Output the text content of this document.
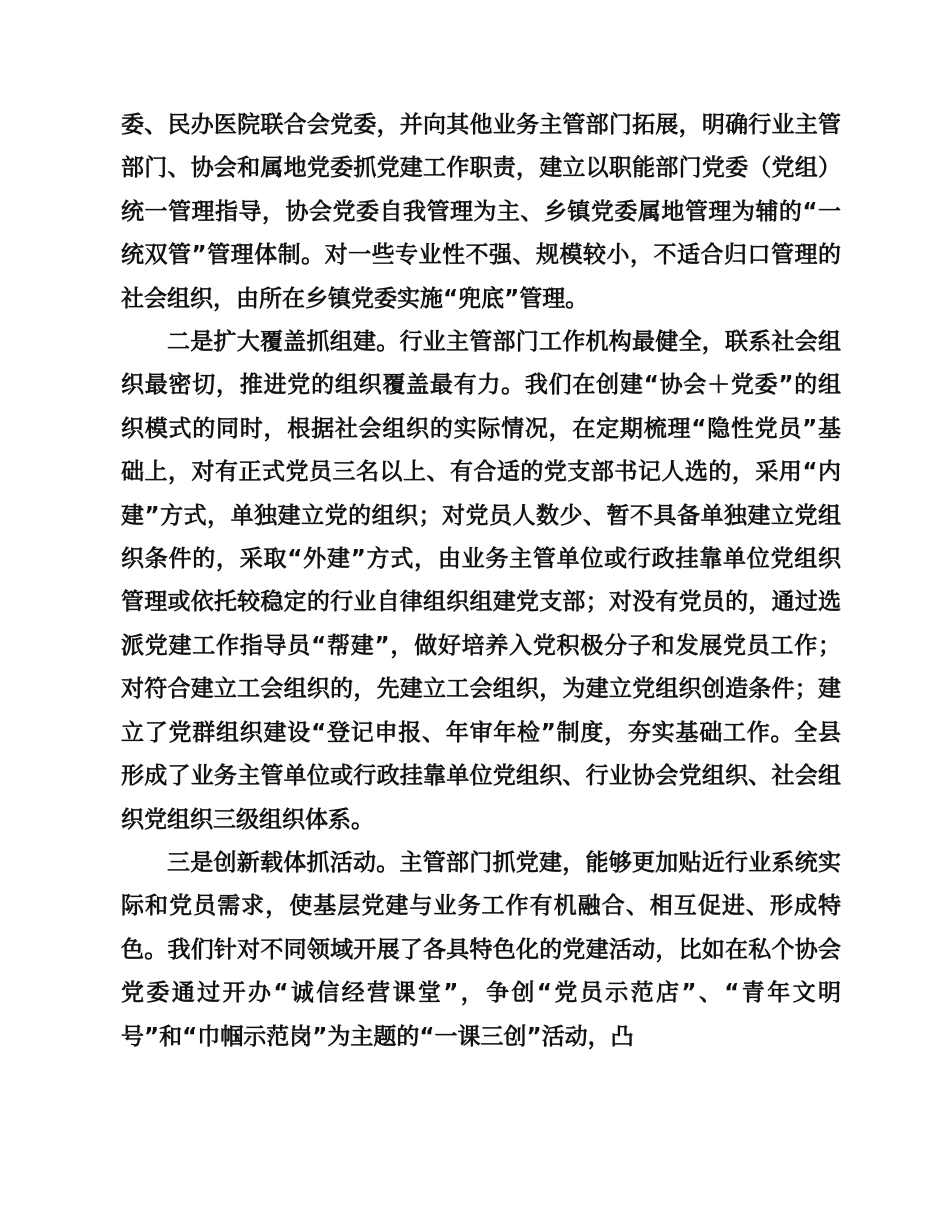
委、民办医院联合会党委，并向其他业务主管部门拓展，明确行业主管部门、协会和属地党委抓党建工作职责，建立以职能部门党委（党组）统一管理指导，协会党委自我管理为主、乡镇党委属地管理为辅的“一统双管”管理体制。对一些专业性不强、规模较小，不适合归口管理的社会组织，由所在乡镇党委实施“兜底”管理。

二是扩大覆盖抓组建。行业主管部门工作机构最健全，联系社会组织最密切，推进党的组织覆盖最有力。我们在创建“协会＋党委”的组织模式的同时，根据社会组织的实际情况，在定期梳理“隐性党员”基础上，对有正式党员三名以上、有合适的党支部书记人选的，采用“内建”方式，单独建立党的组织；对党员人数少、暂不具备单独建立党组织条件的，采取“外建”方式，由业务主管单位或行政挂靠单位党组织管理或依托较稳定的行业自律组织组建党支部；对没有党员的，通过选派党建工作指导员“帮建”，做好培养入党积极分子和发展党员工作；对符合建立工会组织的，先建立工会组织，为建立党组织创造条件；建立了党群组织建设“登记申报、年审年检”制度，夯实基础工作。全县形成了业务主管单位或行政挂靠单位党组织、行业协会党组织、社会组织党组织三级组织体系。

三是创新载体抓活动。主管部门抓党建，能够更加贴近行业系统实际和党员需求，使基层党建与业务工作有机融合、相互促进、形成特色。我们针对不同领域开展了各具特色化的党建活动，比如在私个协会党委通过开办“诚信经营课堂”，争创“党员示范店”、“青年文明号”和“巾帼示范岗”为主题的“一课三创”活动，凸
